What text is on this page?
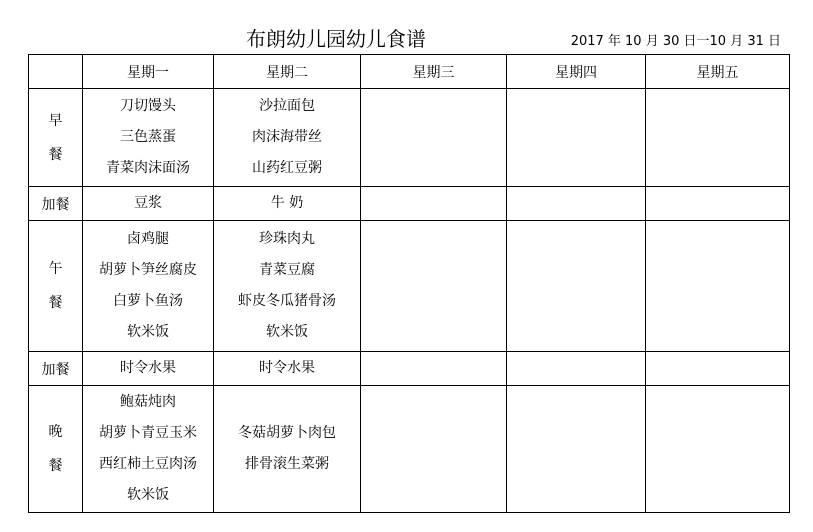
布朗幼儿园幼儿食谱	2017 年 10 月 30 日一10 月 31 日
	星期一	星期二	星期三	星期四	星期五

早
餐	刀切馒头
三色蒸蛋
青菜肉沫面汤	沙拉面包
肉沫海带丝
山药红豆粥			

加餐	豆浆	牛 奶			

午
餐	卤鸡腿
胡萝卜笋丝腐皮
白萝卜鱼汤
软米饭	珍珠肉丸
青菜豆腐
虾皮冬瓜猪骨汤
软米饭			

加餐	时令水果	时令水果			

晚
餐	鲍菇炖肉
胡萝卜青豆玉米
西红柿土豆肉汤
软米饭	冬菇胡萝卜肉包
排骨滚生菜粥			
